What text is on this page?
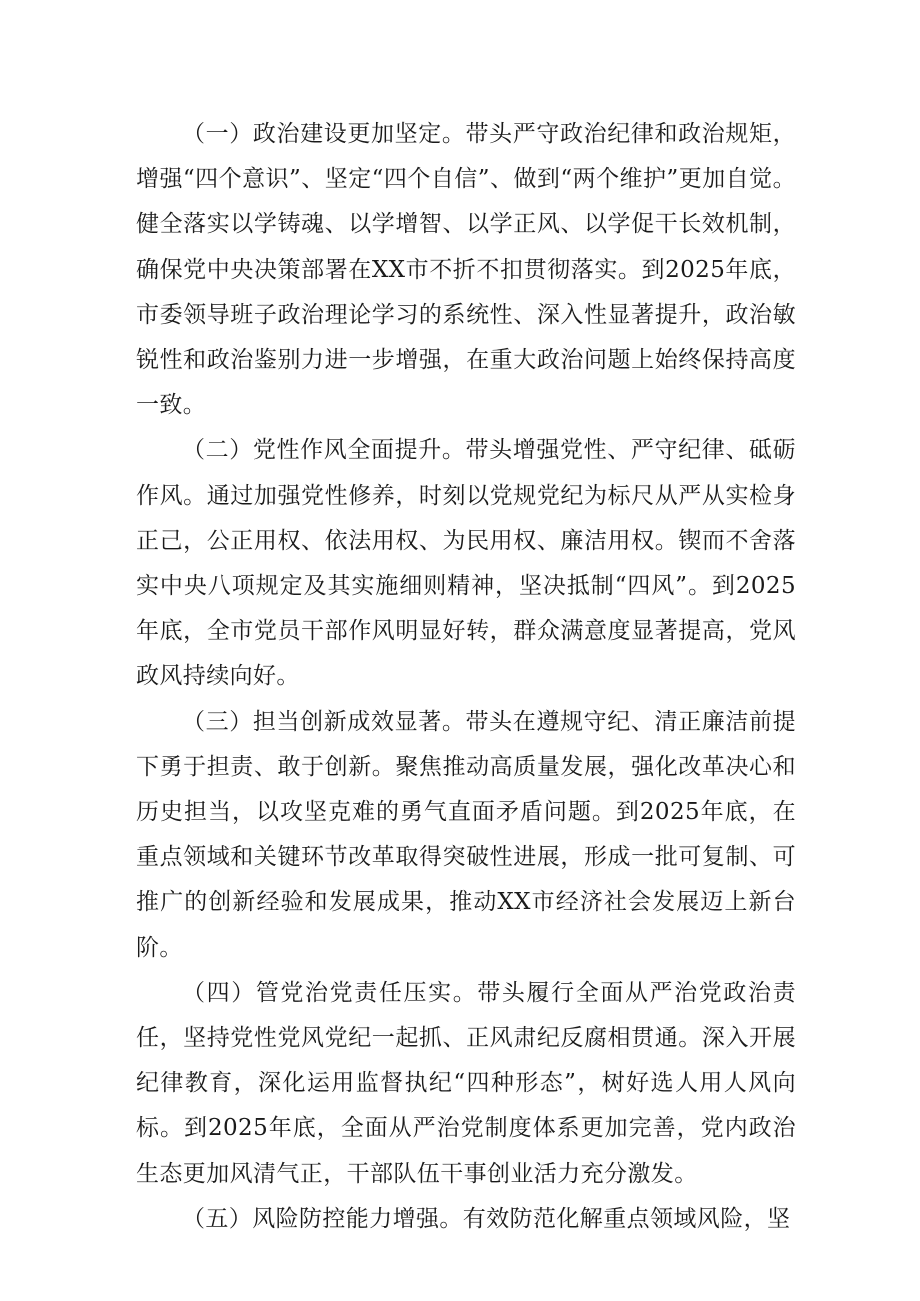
（一）政治建设更加坚定。带头严守政治纪律和政治规矩，增强“四个意识”、坚定“四个自信”、做到“两个维护”更加自觉。健全落实以学铸魂、以学增智、以学正风、以学促干长效机制，确保党中央决策部署在XX市不折不扣贯彻落实。到2025年底，市委领导班子政治理论学习的系统性、深入性显著提升，政治敏锐性和政治鉴别力进一步增强，在重大政治问题上始终保持高度一致。

（二）党性作风全面提升。带头增强党性、严守纪律、砥砺作风。通过加强党性修养，时刻以党规党纪为标尺从严从实检身正己，公正用权、依法用权、为民用权、廉洁用权。锲而不舍落实中央八项规定及其实施细则精神，坚决抵制“四风”。到2025年底，全市党员干部作风明显好转，群众满意度显著提高，党风政风持续向好。

（三）担当创新成效显著。带头在遵规守纪、清正廉洁前提下勇于担责、敢于创新。聚焦推动高质量发展，强化改革决心和历史担当，以攻坚克难的勇气直面矛盾问题。到2025年底，在重点领域和关键环节改革取得突破性进展，形成一批可复制、可推广的创新经验和发展成果，推动XX市经济社会发展迈上新台阶。

（四）管党治党责任压实。带头履行全面从严治党政治责任，坚持党性党风党纪一起抓、正风肃纪反腐相贯通。深入开展纪律教育，深化运用监督执纪“四种形态”，树好选人用人风向标。到2025年底，全面从严治党制度体系更加完善，党内政治生态更加风清气正，干部队伍干事创业活力充分激发。

（五）风险防控能力增强。有效防范化解重点领域风险，坚
